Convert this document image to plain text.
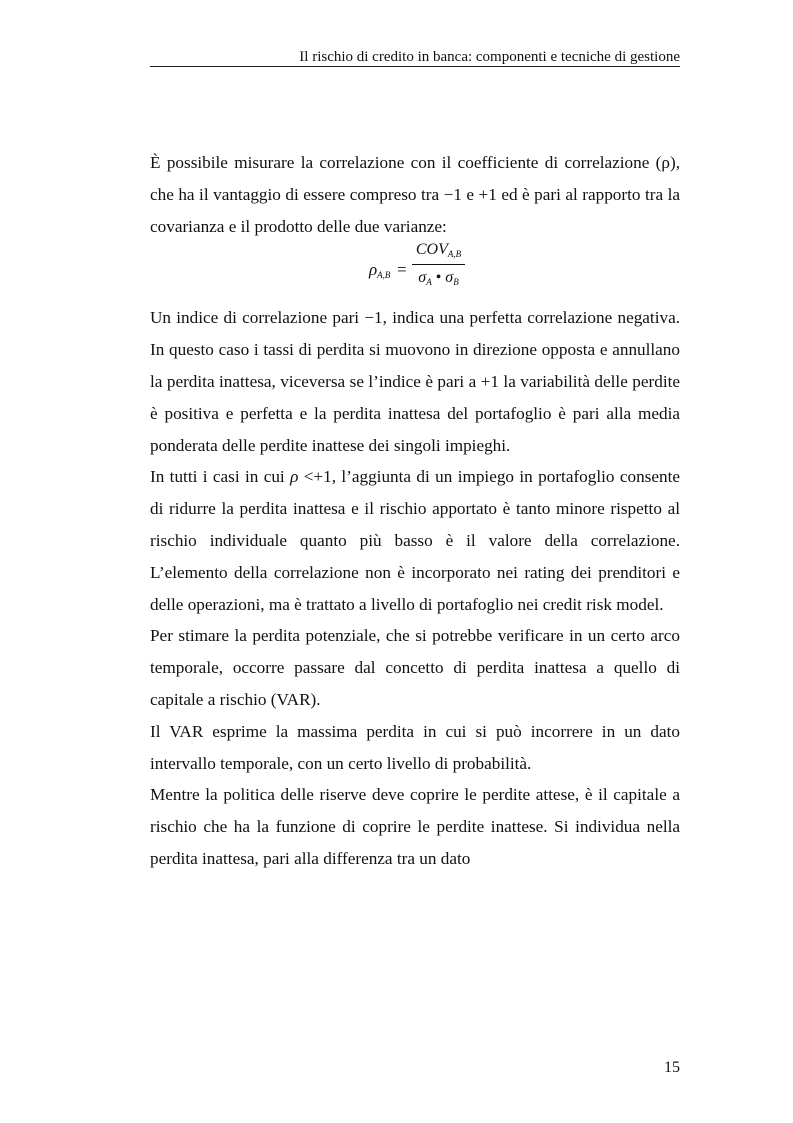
Il rischio di credito in banca: componenti e tecniche di gestione

È possibile misurare la correlazione con il coefficiente di correlazione (ρ), che ha il vantaggio di essere compreso tra −1 e +1 ed è pari al rapporto tra la covarianza e il prodotto delle due varianze:

$\rho_{A,B}$ =
$COV_{A,B}$
$\sigma_A$ • $\sigma_B$

Un indice di correlazione pari −1, indica una perfetta correlazione negativa. In questo caso i tassi di perdita si muovono in direzione opposta e annullano la perdita inattesa, viceversa se l’indice è pari a +1 la variabilità delle perdite è positiva e perfetta e la perdita inattesa del portafoglio è pari alla media ponderata delle perdite inattese dei singoli impieghi.

In tutti i casi in cui ρ <+1, l’aggiunta di un impiego in portafoglio consente di ridurre la perdita inattesa e il rischio apportato è tanto minore rispetto al rischio individuale quanto più basso è il valore della correlazione. L’elemento della correlazione non è incorporato nei rating dei prenditori e delle operazioni, ma è trattato a livello di portafoglio nei credit risk model.

Per stimare la perdita potenziale, che si potrebbe verificare in un certo arco temporale, occorre passare dal concetto di perdita inattesa a quello di capitale a rischio (VAR).

Il VAR esprime la massima perdita in cui si può incorrere in un dato intervallo temporale, con un certo livello di probabilità.

Mentre la politica delle riserve deve coprire le perdite attese, è il capitale a rischio che ha la funzione di coprire le perdite inattese. Si individua nella perdita inattesa, pari alla differenza tra un dato

15
